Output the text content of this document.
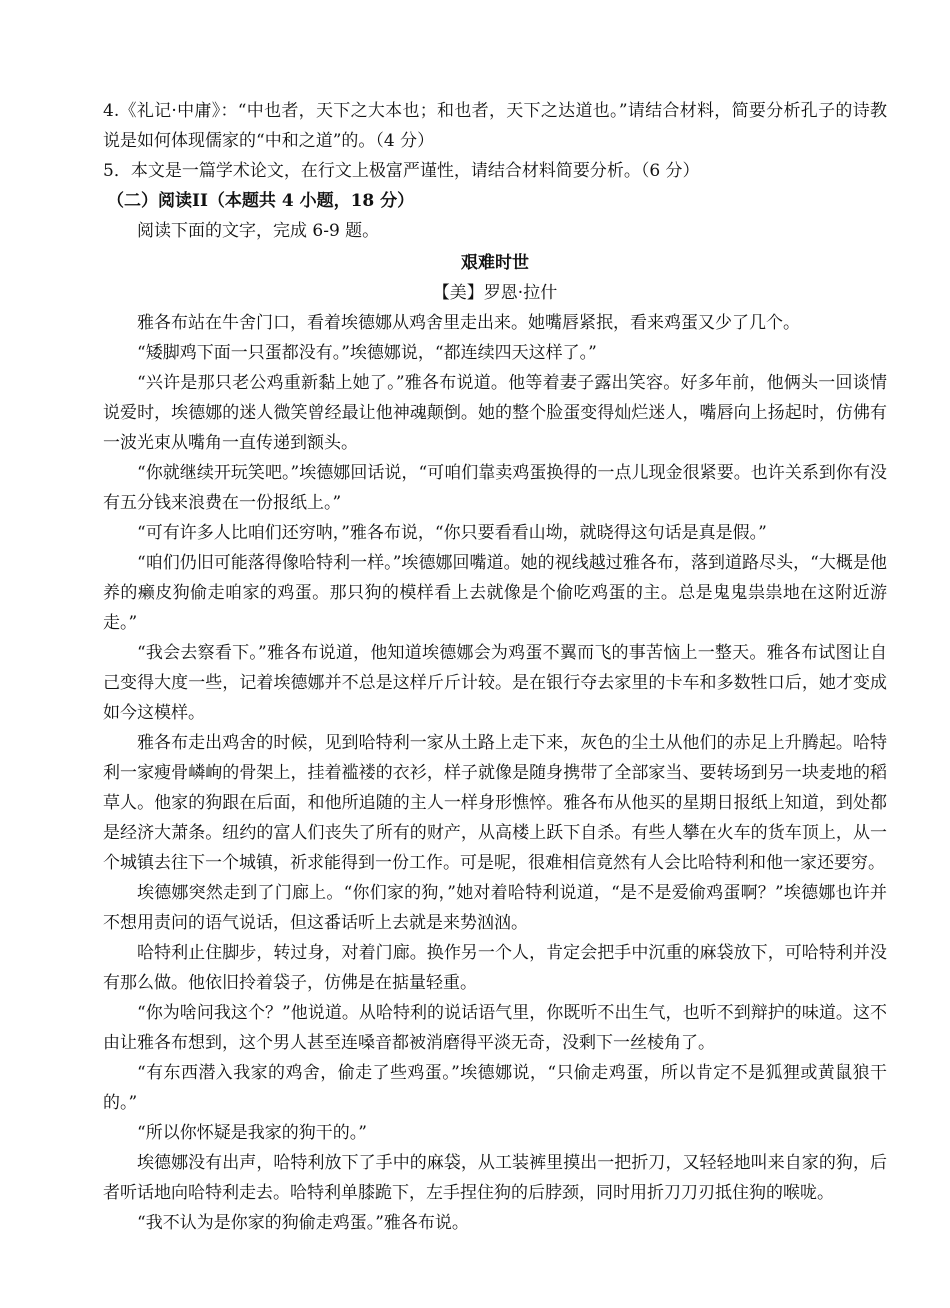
4.《礼记·中庸》：“中也者，天下之大本也；和也者，天下之达道也。”请结合材料，简要分析孔子的诗教说是如何体现儒家的“中和之道”的。（4 分）

5．本文是一篇学术论文，在行文上极富严谨性，请结合材料简要分析。（6 分）

（二）阅读II（本题共 4 小题，18 分）

阅读下面的文字，完成 6-9 题。

艰难时世

【美】罗恩·拉什

雅各布站在牛舍门口，看着埃德娜从鸡舍里走出来。她嘴唇紧抿，看来鸡蛋又少了几个。

“矮脚鸡下面一只蛋都没有。”埃德娜说，“都连续四天这样了。”

“兴许是那只老公鸡重新黏上她了。”雅各布说道。他等着妻子露出笑容。好多年前，他俩头一回谈情说爱时，埃德娜的迷人微笑曾经最让他神魂颠倒。她的整个脸蛋变得灿烂迷人，嘴唇向上扬起时，仿佛有一波光束从嘴角一直传递到额头。

“你就继续开玩笑吧。”埃德娜回话说，“可咱们靠卖鸡蛋换得的一点儿现金很紧要。也许关系到你有没有五分钱来浪费在一份报纸上。”

“可有许多人比咱们还穷呐，”雅各布说，“你只要看看山坳，就晓得这句话是真是假。”

“咱们仍旧可能落得像哈特利一样。”埃德娜回嘴道。她的视线越过雅各布，落到道路尽头，“大概是他养的癞皮狗偷走咱家的鸡蛋。那只狗的模样看上去就像是个偷吃鸡蛋的主。总是鬼鬼祟祟地在这附近游走。”

“我会去察看下。”雅各布说道，他知道埃德娜会为鸡蛋不翼而飞的事苦恼上一整天。雅各布试图让自己变得大度一些，记着埃德娜并不总是这样斤斤计较。是在银行夺去家里的卡车和多数牲口后，她才变成如今这模样。

雅各布走出鸡舍的时候，见到哈特利一家从土路上走下来，灰色的尘土从他们的赤足上升腾起。哈特利一家瘦骨嶙峋的骨架上，挂着褴褛的衣衫，样子就像是随身携带了全部家当、要转场到另一块麦地的稻草人。他家的狗跟在后面，和他所追随的主人一样身形憔悴。雅各布从他买的星期日报纸上知道，到处都是经济大萧条。纽约的富人们丧失了所有的财产，从高楼上跃下自杀。有些人攀在火车的货车顶上，从一个城镇去往下一个城镇，祈求能得到一份工作。可是呢，很难相信竟然有人会比哈特利和他一家还要穷。

埃德娜突然走到了门廊上。“你们家的狗，”她对着哈特利说道，“是不是爱偷鸡蛋啊？”埃德娜也许并不想用责问的语气说话，但这番话听上去就是来势汹汹。

哈特利止住脚步，转过身，对着门廊。换作另一个人，肯定会把手中沉重的麻袋放下，可哈特利并没有那么做。他依旧拎着袋子，仿佛是在掂量轻重。

“你为啥问我这个？”他说道。从哈特利的说话语气里，你既听不出生气，也听不到辩护的味道。这不由让雅各布想到，这个男人甚至连嗓音都被消磨得平淡无奇，没剩下一丝棱角了。

“有东西潜入我家的鸡舍，偷走了些鸡蛋。”埃德娜说，“只偷走鸡蛋，所以肯定不是狐狸或黄鼠狼干的。”

“所以你怀疑是我家的狗干的。”

埃德娜没有出声，哈特利放下了手中的麻袋，从工装裤里摸出一把折刀，又轻轻地叫来自家的狗，后者听话地向哈特利走去。哈特利单膝跪下，左手捏住狗的后脖颈，同时用折刀刀刃抵住狗的喉咙。

“我不认为是你家的狗偷走鸡蛋。”雅各布说。
